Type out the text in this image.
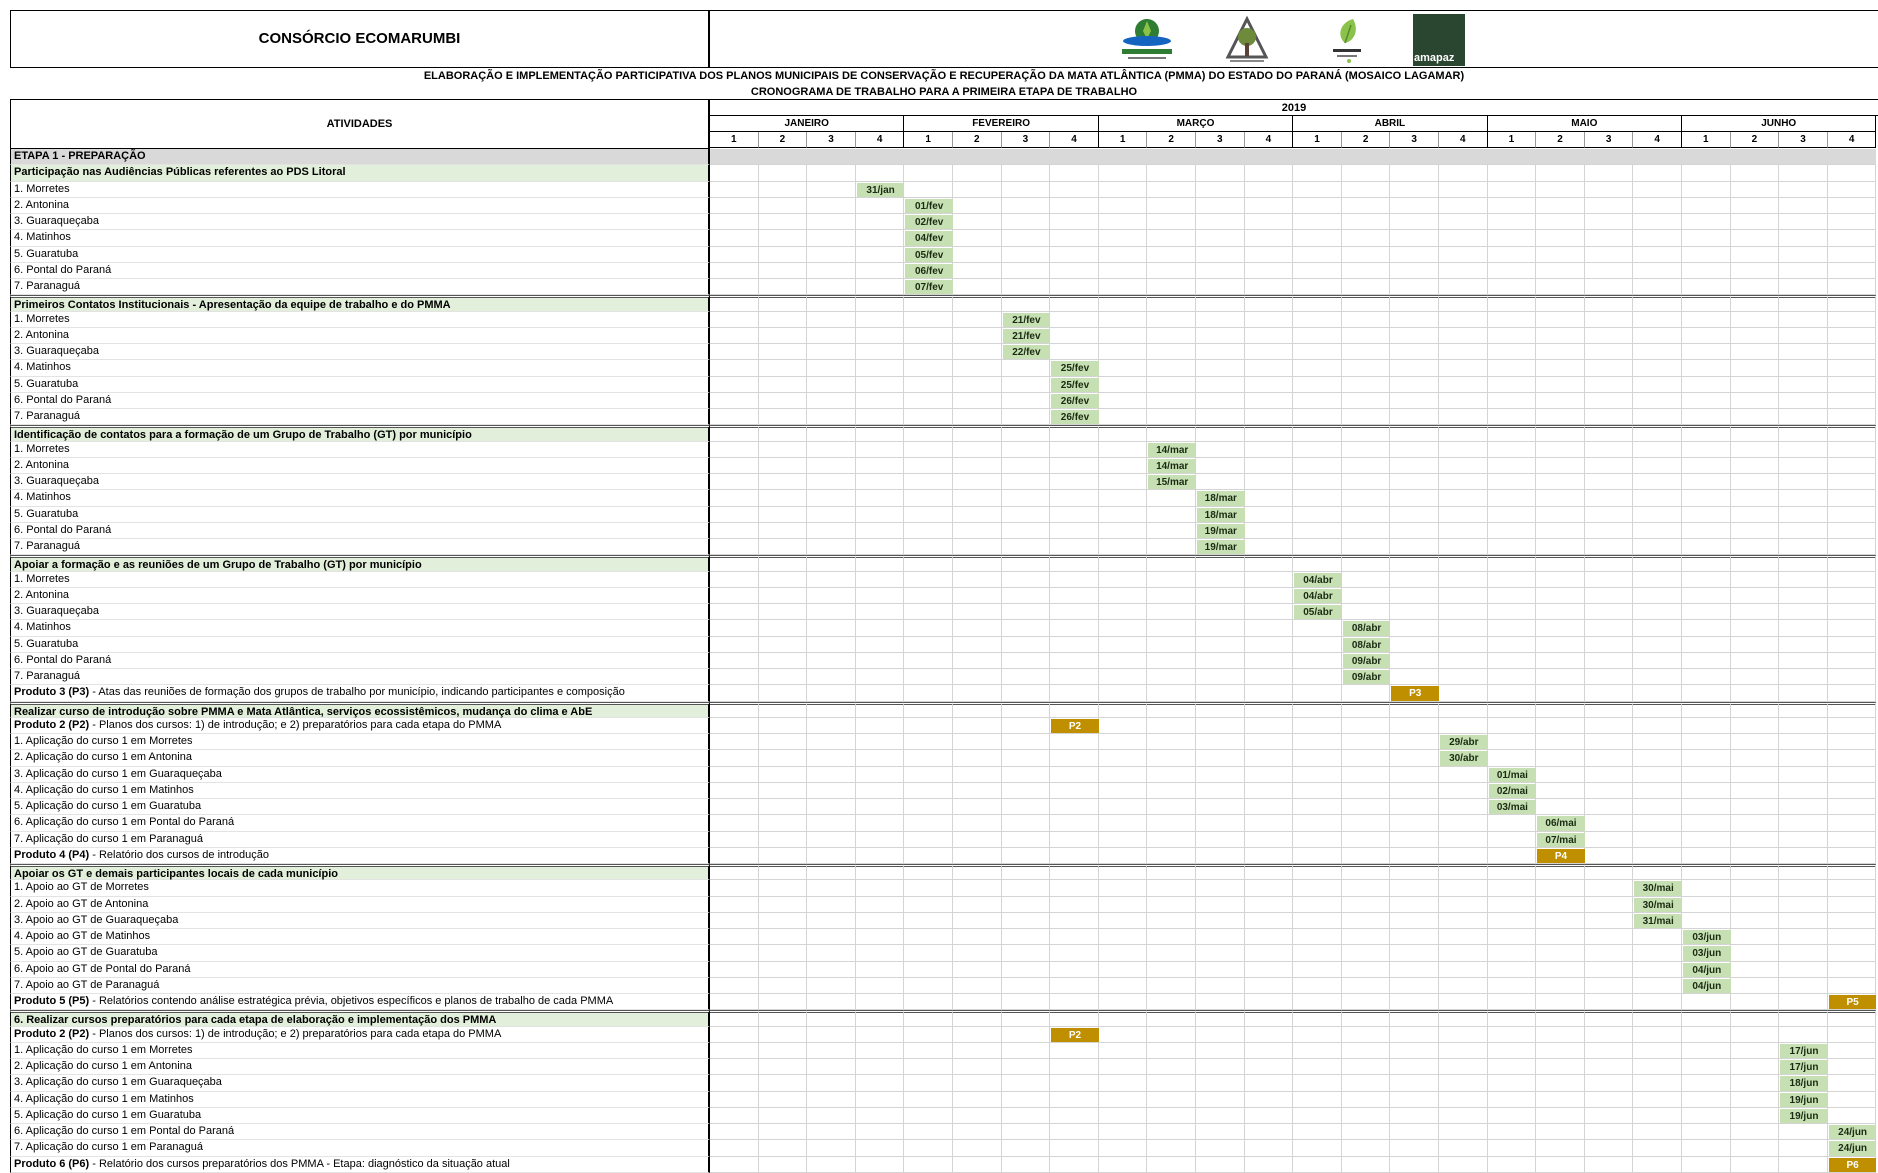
CONSÓRCIO ECOMARUMBI
amapaz
ELABORAÇÃO E IMPLEMENTAÇÃO PARTICIPATIVA DOS PLANOS MUNICIPAIS DE CONSERVAÇÃO E RECUPERAÇÃO DA MATA ATLÂNTICA (PMMA) DO ESTADO DO PARANÁ (MOSAICO LAGAMAR)
CRONOGRAMA DE TRABALHO PARA A PRIMEIRA ETAPA DE TRABALHO
ATIVIDADES
2019
JANEIRO	FEVEREIRO	MARÇO	ABRIL	MAIO	JUNHO
1	2	3	4	1	2	3	4	1	2	3	4	1	2	3	4	1	2	3	4	1	2	3	4
ETAPA 1 - PREPARAÇÃO
Participação nas Audiências Públicas referentes ao PDS Litoral
1. Morretes	31/jan
2. Antonina	01/fev
3. Guaraqueçaba	02/fev
4. Matinhos	04/fev
5. Guaratuba	05/fev
6. Pontal do Paraná	06/fev
7. Paranaguá	07/fev
Primeiros Contatos Institucionais - Apresentação da equipe de trabalho e do PMMA
1. Morretes	21/fev
2. Antonina	21/fev
3. Guaraqueçaba	22/fev
4. Matinhos	25/fev
5. Guaratuba	25/fev
6. Pontal do Paraná	26/fev
7. Paranaguá	26/fev
Identificação de contatos para a formação de um Grupo de Trabalho (GT) por município
1. Morretes	14/mar
2. Antonina	14/mar
3. Guaraqueçaba	15/mar
4. Matinhos	18/mar
5. Guaratuba	18/mar
6. Pontal do Paraná	19/mar
7. Paranaguá	19/mar
Apoiar a formação e as reuniões de um Grupo de Trabalho (GT) por município
1. Morretes	04/abr
2. Antonina	04/abr
3. Guaraqueçaba	05/abr
4. Matinhos	08/abr
5. Guaratuba	08/abr
6. Pontal do Paraná	09/abr
7. Paranaguá	09/abr
Produto 3 (P3) - Atas das reuniões de formação dos grupos de trabalho por município, indicando participantes e composição	P3
Realizar curso de introdução sobre PMMA e Mata Atlântica, serviços ecossistêmicos, mudança do clima e AbE
Produto 2 (P2) - Planos dos cursos: 1) de introdução; e 2) preparatórios para cada etapa do PMMA	P2
1. Aplicação do curso 1 em Morretes	29/abr
2. Aplicação do curso 1 em Antonina	30/abr
3. Aplicação do curso 1 em Guaraqueçaba	01/mai
4. Aplicação do curso 1 em Matinhos	02/mai
5. Aplicação do curso 1 em Guaratuba	03/mai
6. Aplicação do curso 1 em Pontal do Paraná	06/mai
7. Aplicação do curso 1 em Paranaguá	07/mai
Produto 4 (P4) - Relatório dos cursos de introdução	P4
Apoiar os GT e demais participantes locais de cada município
1. Apoio ao GT de Morretes	30/mai
2. Apoio ao GT de Antonina	30/mai
3. Apoio ao GT de Guaraqueçaba	31/mai
4. Apoio ao GT de Matinhos	03/jun
5. Apoio ao GT de Guaratuba	03/jun
6. Apoio ao GT de Pontal do Paraná	04/jun
7. Apoio ao GT de Paranaguá	04/jun
Produto 5 (P5) - Relatórios contendo análise estratégica prévia, objetivos específicos e planos de trabalho de cada PMMA	P5
6. Realizar cursos preparatórios para cada etapa de elaboração e implementação dos PMMA
Produto 2 (P2) - Planos dos cursos: 1) de introdução; e 2) preparatórios para cada etapa do PMMA	P2
1. Aplicação do curso 1 em Morretes	17/jun
2. Aplicação do curso 1 em Antonina	17/jun
3. Aplicação do curso 1 em Guaraqueçaba	18/jun
4. Aplicação do curso 1 em Matinhos	19/jun
5. Aplicação do curso 1 em Guaratuba	19/jun
6. Aplicação do curso 1 em Pontal do Paraná	24/jun
7. Aplicação do curso 1 em Paranaguá	24/jun
Produto 6 (P6) - Relatório dos cursos preparatórios dos PMMA - Etapa: diagnóstico da situação atual	P6
